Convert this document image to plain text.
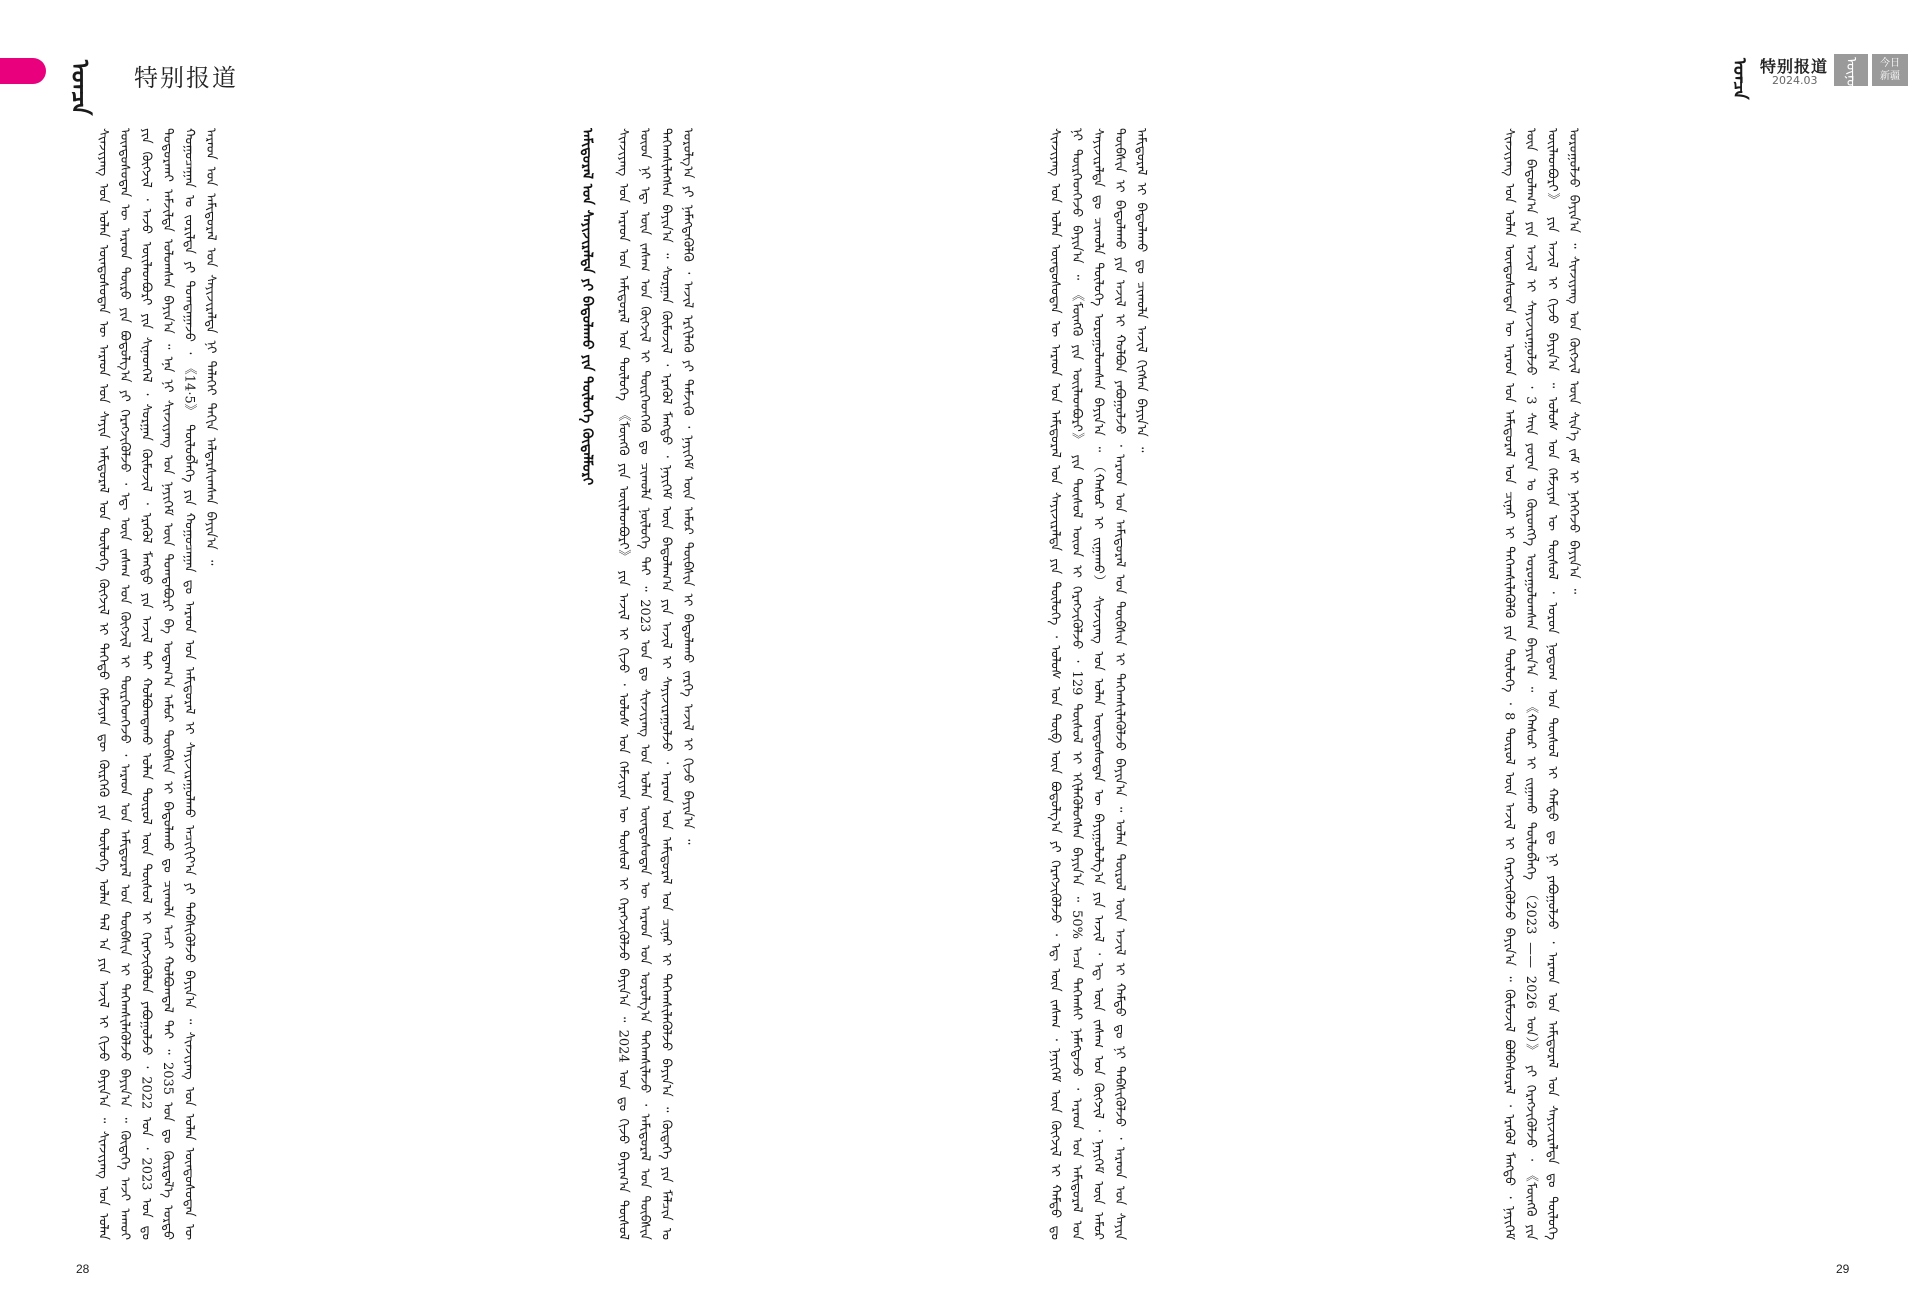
ᠣᠨᠴᠠ 特别报道
ᠰᠢᠨᠵᠢᠶᠠᠩ ᠤᠨ ᠣᠯᠠᠨ ᠦᠨᠳᠦᠰᠦᠲᠡᠨ ᠦ ᠠᠷᠠᠳ ᠤᠨ ᠰᠠᠶᠢᠨ ᠠᠮᠢᠳᠤᠷᠠᠯ ᠤᠨ ᠲᠥᠯᠥᠭᠡ ᠬᠥᠭᠵᠢᠯ ᠢ ᠳᠡᠭᠡᠳᠦ ᠬᠡᠮᠵᠢᠶᠡᠨ ᠳᠦ ᠬᠦᠷᠭᠡᠬᠦ ᠶᠢᠨ ᠲᠥᠯᠥᠭᠡ ᠣᠯᠠᠨ ᠲᠠᠯ ᠠ ᠶᠢᠨ ᠠᠵᠢᠯ ᠢ ᠬᠢᠵᠦ ᠪᠠᠶᠢᠨ᠎ᠠ ᠃ ᠰᠢᠨᠵᠢᠶᠠᠩ ᠤᠨ ᠣᠯᠠᠨ ᠦᠨᠳᠦᠰᠦᠲᠡᠨ ᠦ ᠠᠷᠠᠳ ᠲᠥᠷᠥ ᠶᠢᠨ ᠪᠣᠳᠤᠯᠭ᠎ᠠ ᠶᠢ ᠬᠡᠷᠡᠭᠵᠢᠭᠦᠯᠵᠦ ᠂ ᠡᠳ᠋ ᠦᠨ ᠵᠠᠰᠠᠭ ᠤᠨ ᠬᠥᠭᠵᠢᠯ ᠢ ᠲᠦᠷᠭᠡᠳᠭᠡᠵᠦ ᠂ ᠠᠷᠠᠳ ᠤᠨ ᠠᠮᠢᠳᠤᠷᠠᠯ ᠤᠨ ᠲᠦᠪᠰᠢᠨ ᠢ ᠳᠡᠭᠡᠭ᠍ᠰᠢᠯᠡᠭᠦᠯᠵᠦ ᠪᠠᠶᠢᠨ᠎ᠠ ᠃ ᠬᠥᠳᠡᠭᠡ ᠠᠵᠢ ᠠᠬᠤᠢ ᠶᠢᠨ ᠬᠥᠭᠵᠢᠯ ᠂ ᠠᠵᠤ ᠦᠢᠯᠡᠳᠪᠦᠷᠢ ᠶᠢᠨ ᠰᠢᠨᠡᠳᠬᠡᠯ ᠂ ᠰᠤᠷᠭᠠᠨ ᠬᠦᠮᠦᠵᠢᠯ ᠂ ᠡᠷᠡᠭᠦᠯ ᠮᠡᠩᠳᠦ ᠶᠢᠨ ᠠᠵᠢᠯ ᠲᠠᠢ ᠬᠣᠯᠪᠣᠭᠳᠠᠬᠤ ᠣᠯᠠᠨ ᠲᠥᠷᠥᠯ ᠦᠨ ᠲᠥᠰᠥᠯ ᠢ ᠬᠡᠷᠡᠭᠵᠢᠭᠦᠯᠦᠨ ᠶᠠᠪᠤᠭᠤᠯᠵᠤ ᠂ 2022 ᠣᠨ ᠂ 2023 ᠣᠨ ᠳᠤ ᠲᠣᠳᠣᠷᠬᠠᠢ ᠠᠮᠵᠢᠯᠲᠠ ᠣᠯᠤᠭᠰᠠᠨ ᠪᠠᠶᠢᠨ᠎ᠠ ᠃ ᠡᠨᠡ ᠨᠢ ᠰᠢᠨᠵᠢᠶᠠᠩ ᠤᠨ ᠨᠡᠶᠢᠭᠡᠮ ᠦᠨ ᠲᠣᠭᠲᠠᠪᠤᠷᠢ ᠪᠠ ᠤᠳᠠᠭ᠎ᠠ ᠠᠮᠤᠷ ᠲᠦᠪᠰᠢᠨ ᠢ ᠪᠠᠲᠤᠯᠠᠬᠤ ᠳᠤ ᠴᠢᠬᠤᠯᠠ ᠠᠴᠢ ᠬᠣᠯᠪᠣᠭᠳᠠᠯ ᠲᠠᠢ ᠃ 2035 ᠣᠨ ᠳᠤ ᠬᠦᠷᠲᠡᠯ᠎ᠡ ᠤᠷᠲᠤ ᠬᠤᠭᠤᠴᠠᠭᠠᠨ ᠤ ᠵᠣᠷᠢᠯᠲᠠ ᠶᠢ ᠲᠣᠭᠲᠠᠭᠠᠵᠤ ᠂ 《14·5》 ᠲᠥᠯᠥᠪᠯᠡᠭᠡ ᠶᠢᠨ ᠬᠤᠭᠤᠴᠠᠭᠠᠨ ᠳᠤ ᠠᠷᠠᠳ ᠤᠨ ᠠᠮᠢᠳᠤᠷᠠᠯ ᠢ ᠰᠠᠶᠢᠵᠢᠷᠠᠭᠤᠯᠬᠤ ᠠᠴᠢᠬᠢᠶ᠎ᠠ ᠶᠢ ᠳᠡᠪᠰᠢᠭᠦᠯᠵᠦ ᠪᠠᠶᠢᠨ᠎ᠠ ᠃ ᠰᠢᠨᠵᠢᠶᠠᠩ ᠤᠨ ᠣᠯᠠᠨ ᠦᠨᠳᠦᠰᠦᠲᠡᠨ ᠦ ᠠᠷᠠᠳ ᠤᠨ ᠠᠮᠢᠳᠤᠷᠠᠯ ᠤᠨ ᠰᠠᠶᠢᠵᠢᠷᠠᠯᠲᠠ ᠨᠢ ᠳᠡᠯᠡᠬᠡᠢ ᠳᠠᠬᠢᠨ ᠠᠯᠳᠠᠷᠰᠢᠭᠰᠠᠨ ᠪᠠᠶᠢᠨ᠎ᠠ ᠃	ᠠᠮᠢᠳᠤᠷᠠᠯ ᠤᠨ ᠰᠠᠶᠢᠵᠢᠷᠠᠯᠲᠠ ᠶᠢ ᠪᠠᠲᠤᠯᠠᠬᠤ ᠶᠢᠨ ᠲᠥᠯᠥᠭᠡ ᠬᠥᠳᠡᠯᠮᠦᠷᠢ	ᠰᠢᠨᠵᠢᠶᠠᠩ ᠤᠨ ᠠᠷᠠᠳ ᠤᠨ ᠠᠮᠢᠳᠤᠷᠠᠯ ᠤᠨ ᠲᠥᠯᠥᠭᠡ 《ᠮᠥᠩᠭᠦ ᠶᠢᠨ ᠦᠢᠯᠡᠳᠪᠦᠷᠢ》 ᠶᠢᠨ ᠠᠵᠢᠯ ᠢ ᠬᠢᠵᠦ ᠂ ᠤᠯᠤᠰ ᠤᠨ ᠬᠡᠮᠵᠢᠶᠡᠨ ᠦ ᠲᠥᠰᠥᠯ ᠢ ᠬᠡᠷᠡᠭᠵᠢᠭᠦᠯᠵᠦ ᠪᠠᠶᠢᠨ᠎ᠠ ᠃ 2024 ᠣᠨ ᠳᠤ ᠬᠢᠵᠦ ᠪᠠᠶᠢᠭ᠎ᠠ ᠲᠥᠰᠥᠯ ᠦᠳ ᠨᠢ ᠡᠳ᠋ ᠦᠨ ᠵᠠᠰᠠᠭ ᠤᠨ ᠬᠥᠭᠵᠢᠯ ᠢ ᠲᠦᠷᠭᠡᠳᠭᠡᠬᠦ ᠳᠤ ᠴᠢᠬᠤᠯᠠ ᠨᠥᠯᠥᠭᠡ ᠲᠠᠢ ᠃ 2023 ᠣᠨ ᠳᠤ ᠰᠢᠨᠵᠢᠶᠠᠩ ᠤᠨ ᠣᠯᠠᠨ ᠦᠨᠳᠦᠰᠦᠲᠡᠨ ᠦ ᠠᠷᠠᠳ ᠤᠨ ᠣᠷᠣᠯᠭ᠎ᠠ ᠳᠡᠭᠡᠭ᠍ᠰᠢᠯᠡᠵᠦ ᠂ ᠠᠮᠢᠳᠤᠷᠠᠯ ᠤᠨ ᠲᠦᠪᠰᠢᠨ ᠳᠡᠭᠡᠭ᠍ᠰᠢᠯᠡᠭᠰᠡᠨ ᠪᠠᠶᠢᠨ᠎ᠠ ᠃ ᠰᠤᠷᠭᠠᠨ ᠬᠦᠮᠦᠵᠢᠯ ᠂ ᠡᠷᠡᠭᠦᠯ ᠮᠡᠩᠳᠦ ᠂ ᠨᠡᠶᠢᠭᠡᠮ ᠦᠨ ᠪᠠᠲᠤᠯᠠᠭ᠎ᠠ ᠶᠢᠨ ᠠᠵᠢᠯ ᠢ ᠰᠠᠶᠢᠵᠢᠷᠠᠭᠤᠯᠵᠤ ᠂ ᠠᠷᠠᠳ ᠤᠨ ᠠᠮᠢᠳᠤᠷᠠᠯ ᠤᠨ ᠴᠢᠨᠠᠷ ᠢ ᠳᠡᠭᠡᠭ᠍ᠰᠢᠯᠡᠭᠦᠯᠵᠦ ᠪᠠᠶᠢᠨ᠎ᠠ ᠃ ᠬᠥᠳᠡᠭᠡ ᠶᠢᠨ ᠮᠠᠯᠴᠢᠨ ᠤ ᠣᠷᠣᠯᠭ᠎ᠠ ᠶᠢ ᠨᠡᠮᠡᠭᠳᠡᠭᠦᠯᠬᠦ ᠂ ᠠᠵᠢᠯ ᠡᠷᠬᠢᠯᠡᠬᠦ ᠶᠢ ᠳᠡᠮᠵᠢᠬᠦ ᠂ ᠨᠡᠶᠢᠭᠡᠮ ᠦᠨ ᠠᠮᠤᠷ ᠲᠦᠪᠰᠢᠨ ᠢ ᠪᠠᠲᠤᠯᠠᠬᠤ ᠵᠡᠷᠭᠡ ᠠᠵᠢᠯ ᠢ ᠬᠢᠵᠦ ᠪᠠᠶᠢᠨ᠎ᠠ ᠃
28
ᠣᠨᠴᠠ 特别报道
2024.03 ᠥᠨᠥᠳᠥᠷ 今日
新疆
ᠰᠢᠨᠵᠢᠶᠠᠩ ᠤᠨ ᠣᠯᠠᠨ ᠦᠨᠳᠦᠰᠦᠲᠡᠨ ᠦ ᠠᠷᠠᠳ ᠤᠨ ᠠᠮᠢᠳᠤᠷᠠᠯ ᠤᠨ ᠰᠠᠶᠢᠵᠢᠷᠠᠯᠲᠠ ᠶᠢᠨ ᠲᠥᠯᠥᠭᠡ ᠂ ᠤᠯᠤᠰ ᠤᠨ ᠲᠥᠪ ᠦᠨ ᠪᠣᠳᠤᠯᠭ᠎ᠠ ᠶᠢ ᠬᠡᠷᠡᠭᠵᠢᠭᠦᠯᠵᠦ ᠂ ᠡᠳ᠋ ᠦᠨ ᠵᠠᠰᠠᠭ ᠂ ᠨᠡᠶᠢᠭᠡᠮ ᠦᠨ ᠬᠥᠭᠵᠢᠯ ᠢ ᠬᠠᠮᠲᠤ ᠳᠤ ᠨᠢ ᠲᠦᠷᠭᠡᠳᠭᠡᠵᠦ ᠪᠠᠶᠢᠨ᠎ᠠ ᠃ 《ᠮᠥᠩᠭᠦ ᠶᠢᠨ ᠦᠢᠯᠡᠳᠪᠦᠷᠢ》 ᠶᠢᠨ ᠲᠥᠰᠥᠯ ᠦᠳ ᠢ ᠬᠡᠷᠡᠭᠵᠢᠭᠦᠯᠵᠦ ᠂ 129 ᠲᠥᠰᠥᠯ ᠢ ᠡᠬᠢᠯᠡᠭᠦᠯᠦᠭᠰᠡᠨ ᠪᠠᠶᠢᠨ᠎ᠠ ᠃ 50% ᠠᠴᠠ ᠳᠡᠭᠡᠭ᠍ᠰᠢ ᠨᠡᠮᠡᠭᠳᠡᠵᠦ ᠂ ᠠᠷᠠᠳ ᠤᠨ ᠠᠮᠢᠳᠤᠷᠠᠯ ᠤᠨ ᠰᠠᠶᠢᠵᠢᠷᠠᠯᠲᠠ ᠳᠤ ᠴᠢᠬᠤᠯᠠ ᠲᠥᠯᠥᠭᠡ ᠣᠷᠤᠭᠤᠯᠤᠭᠰᠠᠨ ᠪᠠᠶᠢᠨ᠎ᠠ ᠃ （ᠬᠠᠰᠤᠷ ᠢ ᠵᠢᠭᠠᠬᠤ） ᠰᠢᠨᠵᠢᠶᠠᠩ ᠤᠨ ᠣᠯᠠᠨ ᠦᠨᠳᠦᠰᠦᠲᠡᠨ ᠦ ᠪᠠᠶᠢᠭᠤᠯᠤᠯᠭ᠎ᠠ ᠶᠢᠨ ᠠᠵᠢᠯ ᠂ ᠡᠳ᠋ ᠦᠨ ᠵᠠᠰᠠᠭ ᠤᠨ ᠬᠥᠭᠵᠢᠯ ᠂ ᠨᠡᠶᠢᠭᠡᠮ ᠦᠨ ᠠᠮᠤᠷ ᠲᠦᠪᠰᠢᠨ ᠢ ᠪᠠᠲᠤᠯᠠᠬᠤ ᠶᠢᠨ ᠠᠵᠢᠯ ᠢ ᠬᠣᠯᠪᠣᠨ ᠶᠠᠪᠤᠭᠤᠯᠵᠤ ᠂ ᠠᠷᠠᠳ ᠤᠨ ᠠᠮᠢᠳᠤᠷᠠᠯ ᠤᠨ ᠲᠦᠪᠰᠢᠨ ᠢ ᠳᠡᠭᠡᠭ᠍ᠰᠢᠯᠡᠭᠦᠯᠵᠦ ᠪᠠᠶᠢᠨ᠎ᠠ ᠃ ᠣᠯᠠᠨ ᠲᠥᠷᠥᠯ ᠦᠨ ᠠᠵᠢᠯ ᠢ ᠬᠠᠮᠲᠤ ᠳᠤ ᠨᠢ ᠳᠡᠪᠰᠢᠭᠦᠯᠵᠦ ᠂ ᠠᠷᠠᠳ ᠤᠨ ᠰᠠᠶᠢᠨ ᠠᠮᠢᠳᠤᠷᠠᠯ ᠢ ᠪᠠᠲᠤᠯᠠᠬᠤ ᠳᠤ ᠴᠢᠬᠤᠯᠠ ᠠᠵᠢᠯ ᠬᠢᠭᠰᠡᠨ ᠪᠠᠶᠢᠨ᠎ᠠ ᠃	ᠰᠢᠨᠵᠢᠶᠠᠩ ᠤᠨ ᠣᠯᠠᠨ ᠦᠨᠳᠦᠰᠦᠲᠡᠨ ᠦ ᠠᠷᠠᠳ ᠤᠨ ᠠᠮᠢᠳᠤᠷᠠᠯ ᠤᠨ ᠴᠢᠨᠠᠷ ᠢ ᠳᠡᠭᠡᠭ᠍ᠰᠢᠯᠡᠭᠦᠯᠬᠦ ᠶᠢᠨ ᠲᠥᠯᠥᠭᠡ ᠂ 8 ᠲᠥᠷᠥᠯ ᠦᠨ ᠠᠵᠢᠯ ᠢ ᠬᠡᠷᠡᠭᠵᠢᠭᠦᠯᠵᠦ ᠪᠠᠶᠢᠨ᠎ᠠ ᠃ ᠬᠦᠮᠦᠵᠢᠯ ᠪᠣᠯᠪᠠᠰᠤᠷᠠᠯ ᠂ ᠡᠷᠡᠭᠦᠯ ᠮᠡᠩᠳᠦ ᠂ ᠨᠡᠶᠢᠭᠡᠮ ᠦᠨ ᠪᠠᠲᠤᠯᠠᠭ᠎ᠠ ᠶᠢᠨ ᠠᠵᠢᠯ ᠢ ᠰᠠᠶᠢᠵᠢᠷᠠᠭᠤᠯᠵᠤ ᠂ 3 ᠰᠠᠶ᠋ᠠ ᠶᠤᠸᠠᠨ ᠤ ᠬᠥᠷᠥᠩᠭᠡ ᠣᠷᠣᠭᠤᠯᠤᠭᠰᠠᠨ ᠪᠠᠶᠢᠨ᠎ᠠ ᠃ 《ᠬᠠᠰᠤᠷ ᠢ ᠵᠢᠭᠠᠬᠤ ᠲᠥᠯᠥᠪᠯᠡᠭᠡ （2023 —— 2026 ᠣᠨ）》 ᠶᠢ ᠬᠡᠷᠡᠭᠵᠢᠭᠦᠯᠵᠦ ᠂ 《ᠮᠥᠩᠭᠦ ᠶᠢᠨ ᠦᠢᠯᠡᠳᠪᠦᠷᠢ》 ᠶᠢᠨ ᠠᠵᠢᠯ ᠢ ᠬᠢᠵᠦ ᠪᠠᠶᠢᠨ᠎ᠠ ᠃ ᠤᠯᠤᠰ ᠤᠨ ᠬᠡᠮᠵᠢᠶᠡᠨ ᠦ ᠲᠥᠰᠥᠯ ᠂ ᠣᠷᠣᠨ ᠨᠤᠲᠤᠭ ᠤᠨ ᠲᠥᠰᠥᠯ ᠢ ᠬᠠᠮᠲᠤ ᠳᠤ ᠨᠢ ᠶᠠᠪᠤᠭᠤᠯᠵᠤ ᠂ ᠠᠷᠠᠳ ᠤᠨ ᠠᠮᠢᠳᠤᠷᠠᠯ ᠤᠨ ᠰᠠᠶᠢᠵᠢᠷᠠᠯᠲᠠ ᠳᠤ ᠲᠥᠯᠥᠭᠡ ᠣᠷᠤᠭᠤᠯᠵᠤ ᠪᠠᠶᠢᠨ᠎ᠠ ᠃ ᠰᠢᠨᠵᠢᠶᠠᠩ ᠤᠨ ᠬᠥᠭᠵᠢᠯ ᠦᠨ ᠰᠢᠨ᠎ᠡ ᠵᠠᠮ ᠢ ᠨᠡᠭᠡᠭᠡᠵᠦ ᠪᠠᠶᠢᠨ᠎ᠠ ᠃
29
